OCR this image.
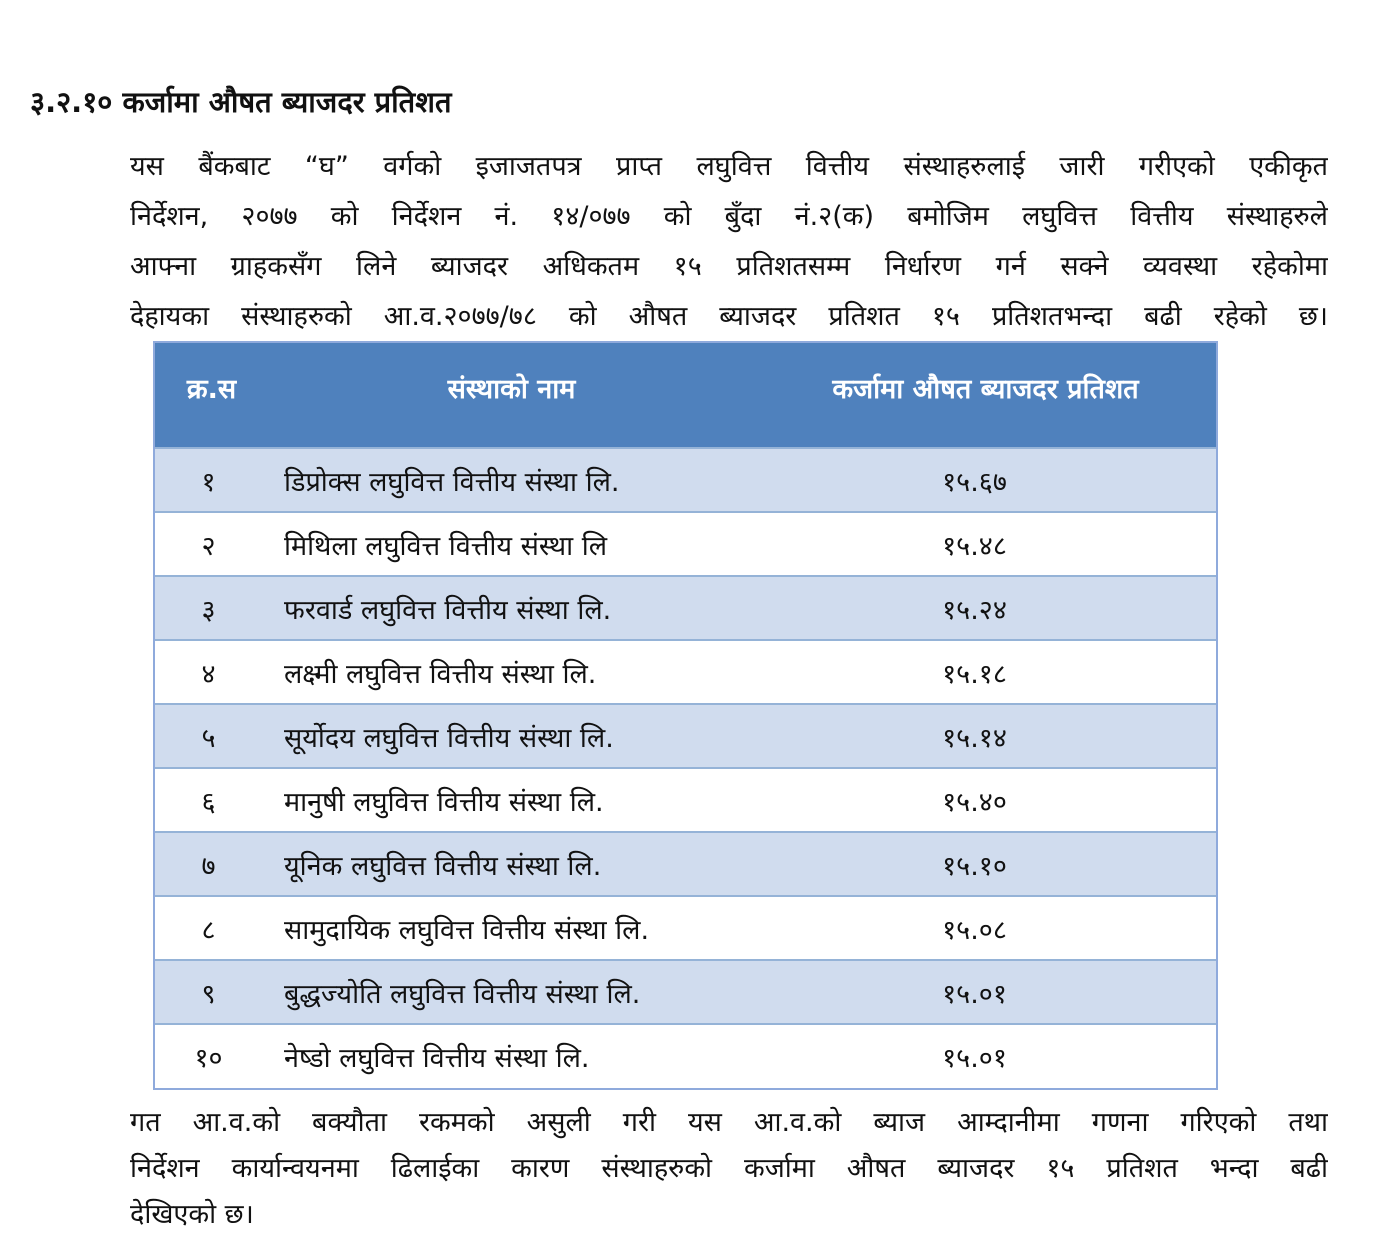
३.२.१० कर्जामा औषत ब्याजदर प्रतिशत
यस बैंकबाट “घ” वर्गको इजाजतपत्र प्राप्त लघुवित्त वित्तीय संस्थाहरुलाई जारी गरीएको एकीकृत
निर्देशन, २०७७ को निर्देशन नं. १४/०७७ को बुँदा नं.२(क) बमोजिम लघुवित्त वित्तीय संस्थाहरुले
आफ्ना ग्राहकसँग लिने ब्याजदर अधिकतम १५ प्रतिशतसम्म निर्धारण गर्न सक्ने व्यवस्था रहेकोमा
देहायका संस्थाहरुको आ.व.२०७७/७८ को औषत ब्याजदर प्रतिशत १५ प्रतिशतभन्दा बढी रहेको छ।
क्र.स	संस्थाको नाम	कर्जामा औषत ब्याजदर प्रतिशत
१	डिप्रोक्स लघुवित्त वित्तीय संस्था लि.	१५.६७
२	मिथिला लघुवित्त वित्तीय संस्था लि	१५.४८
३	फरवार्ड लघुवित्त वित्तीय संस्था लि.	१५.२४
४	लक्ष्मी लघुवित्त वित्तीय संस्था लि.	१५.१८
५	सूर्योदय लघुवित्त वित्तीय संस्था लि.	१५.१४
६	मानुषी लघुवित्त वित्तीय संस्था लि.	१५.४०
७	यूनिक लघुवित्त वित्तीय संस्था लि.	१५.१०
८	सामुदायिक लघुवित्त वित्तीय संस्था लि.	१५.०८
९	बुद्धज्योति लघुवित्त वित्तीय संस्था लि.	१५.०१
१०	नेष्डो लघुवित्त वित्तीय संस्था लि.	१५.०१
गत आ.व.को बक्यौता रकमको असुली गरी यस आ.व.को ब्याज आम्दानीमा गणना गरिएको तथा
निर्देशन कार्यान्वयनमा ढिलाईका कारण संस्थाहरुको कर्जामा औषत ब्याजदर १५ प्रतिशत भन्दा बढी
देखिएको छ।
